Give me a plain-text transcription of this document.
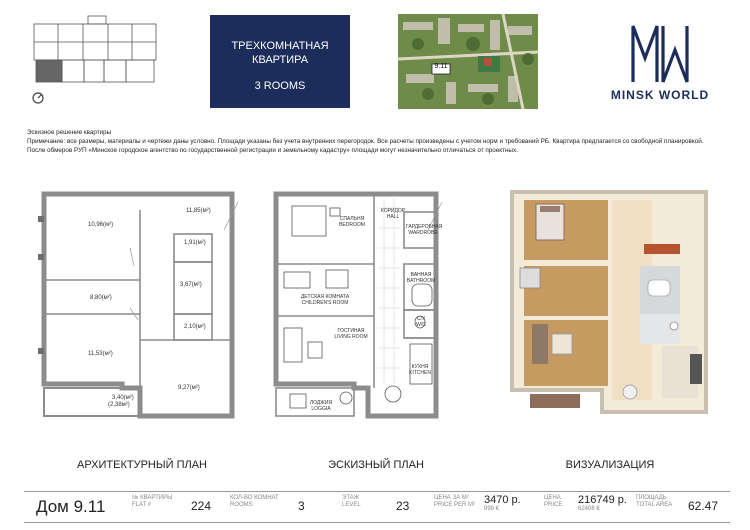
ТРЕХКОМНАТНАЯ
КВАРТИРА
3 ROOMS
9.11
MINSK WORLD
Эскизное решение квартиры
Примечание: все размеры, материалы и чертежи даны условно. Площади указаны без учета внутренних перегородок. Все расчеты произведены с учетом норм и требований РБ. Квартира предлагается со свободной планировкой.
После обмеров РУП «Минское городское агентство по государственной регистрации и земельному кадастру» площади могут незначительно отличаться от проектных.
10,96(м²)
11,85(м²)
1,91(м²)
3,67(м²)
8,80(м²)
2,10(м²)
11,53(м²)
9,27(м²)
3,40(м²)
(2,38м²)
АРХИТЕКТУРНЫЙ ПЛАН
СПАЛЬНЯ
BEDROOM
КОРИДОР
HALL
ГАРДЕРОБНАЯ
WARDROBE
ВАННАЯ
BATHROOM
ДЕТСКАЯ КОМНАТА
CHILDREN'S ROOM
С/У
W/C
ГОСТИНАЯ
LIVING ROOM
КУХНЯ
KITCHEN
ЛОДЖИЯ
LOGGIA
ЭСКИЗНЫЙ ПЛАН	ВИЗУАЛИЗАЦИЯ
Дом 9.11	№ КВАРТИРЫ
FLAT #	224
КОЛ-ВО КОМНАТ
ROOMS	3
ЭТАЖ
LEVEL	23
ЦЕНА ЗА М²
PRICE PER M² 3470 р.
999 €
ЦЕНА
PRICE 216749 р.
62408 €
ПЛОЩАДЬ
TOTAL AREA 62.47
